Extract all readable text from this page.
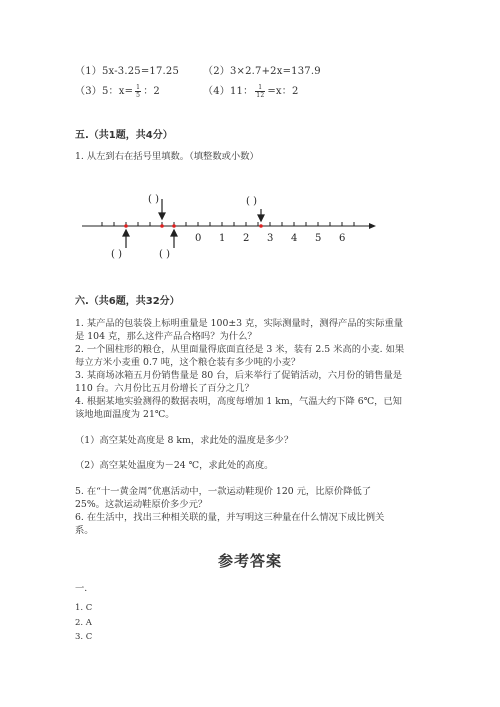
（1）5x-3.25=17.25 （2）3×2.7+2x=137.9
（3）5：$x= \frac{1}{5}$ ：2	（4）11： $\frac{1}{12} =x$：2
五.（共1题，共4分）
1. 从左到右在括号里填数。（填整数或小数）
( )	( )
( )	( )
0 1 2 3 4 5 6
六.（共6题，共32分）
1. 某产品的包装袋上标明重量是 100±3 克，实际测量时，测得产品的实际重量
是 104 克，那么这件产品合格吗？为什么？
2. 一个圆柱形的粮仓，从里面量得底面直径是 3 米，装有 2.5 米高的小麦. 如果
每立方米小麦重 0.7 吨，这个粮仓装有多少吨的小麦？
3. 某商场冰箱五月份销售量是 80 台，后来举行了促销活动，六月份的销售量是
110 台。六月份比五月份增长了百分之几？
4. 根据某地实验测得的数据表明，高度每增加 1 km，气温大约下降 6℃，已知
该地地面温度为 21℃。
（1）高空某处高度是 8 km，求此处的温度是多少？
（2）高空某处温度为－24 ℃，求此处的高度。
5. 在“十一黄金周”优惠活动中，一款运动鞋现价 120 元，比原价降低了
25%。这款运动鞋原价多少元？
6. 在生活中，找出三种相关联的量，并写明这三种量在什么情况下成比例关
系。
参考答案
一.
1. C
2. A
3. C
